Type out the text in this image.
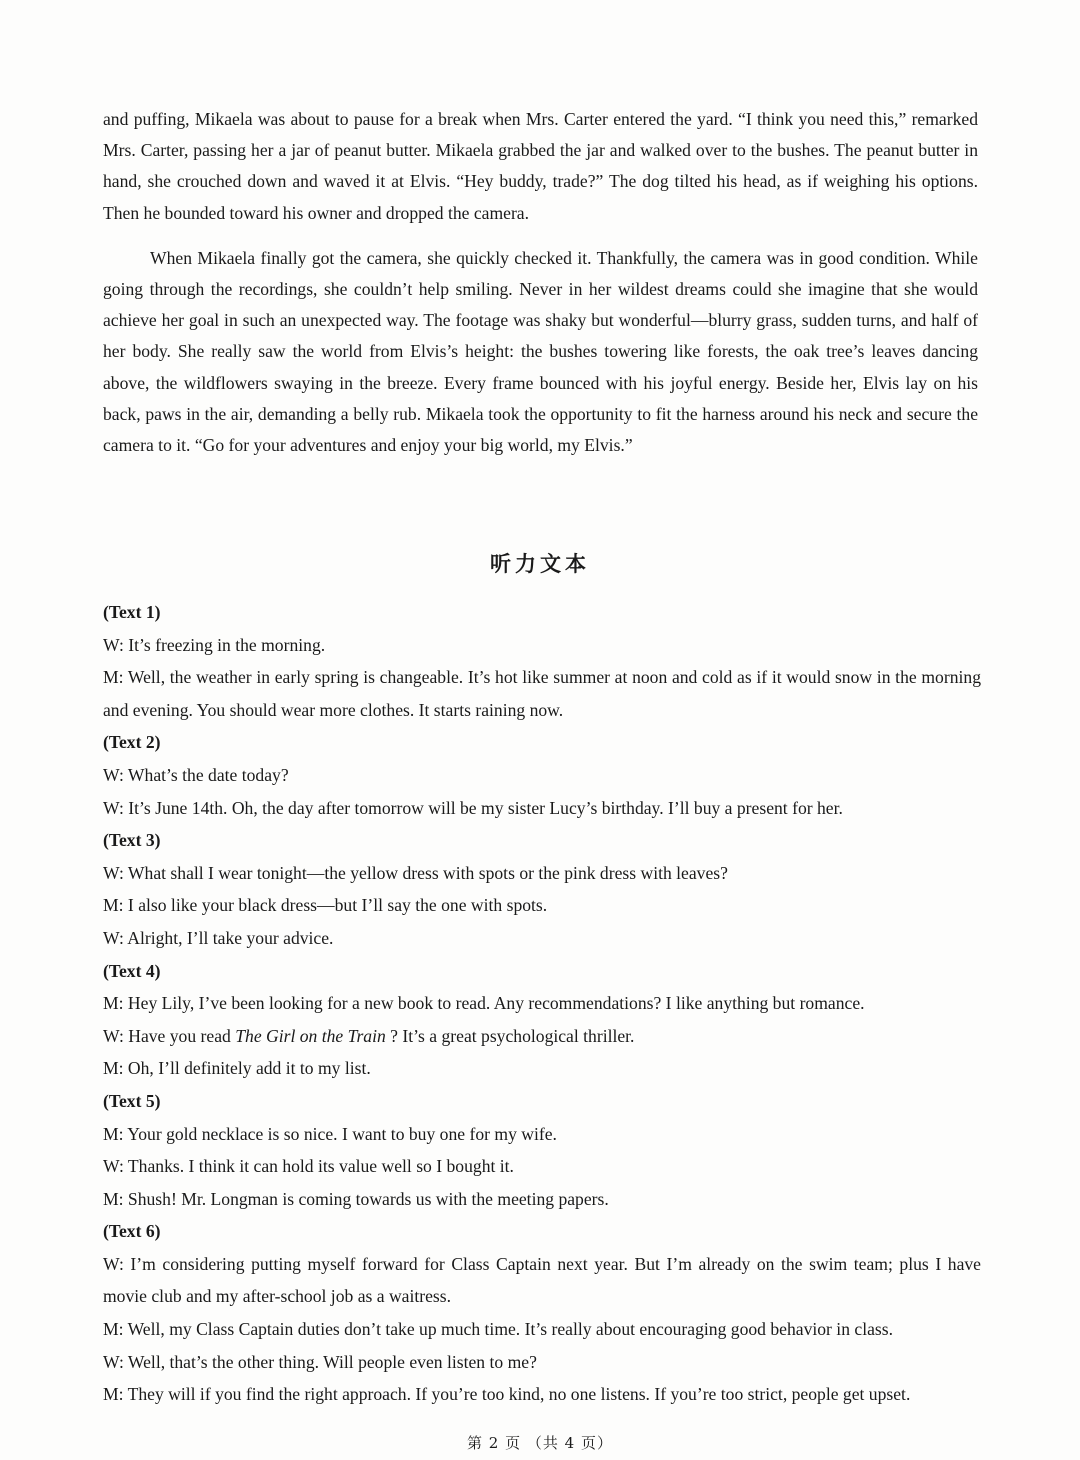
and puffing, Mikaela was about to pause for a break when Mrs. Carter entered the yard. “I think you need this,” remarked Mrs. Carter, passing her a jar of peanut butter. Mikaela grabbed the jar and walked over to the bushes. The peanut butter in hand, she crouched down and waved it at Elvis. “Hey buddy, trade?” The dog tilted his head, as if weighing his options. Then he bounded toward his owner and dropped the camera.

When Mikaela finally got the camera, she quickly checked it. Thankfully, the camera was in good condition. While going through the recordings, she couldn’t help smiling. Never in her wildest dreams could she imagine that she would achieve her goal in such an unexpected way. The footage was shaky but wonderful—blurry grass, sudden turns, and half of her body. She really saw the world from Elvis’s height: the bushes towering like forests, the oak tree’s leaves dancing above, the wildflowers swaying in the breeze. Every frame bounced with his joyful energy. Beside her, Elvis lay on his back, paws in the air, demanding a belly rub. Mikaela took the opportunity to fit the harness around his neck and secure the camera to it. “Go for your adventures and enjoy your big world, my Elvis.”

听力文本

(Text 1)

W: It’s freezing in the morning.

M: Well, the weather in early spring is changeable. It’s hot like summer at noon and cold as if it would snow in the morning and evening. You should wear more clothes. It starts raining now.

(Text 2)

W: What’s the date today?

W: It’s June 14th. Oh, the day after tomorrow will be my sister Lucy’s birthday. I’ll buy a present for her.

(Text 3)

W: What shall I wear tonight—the yellow dress with spots or the pink dress with leaves?

M: I also like your black dress—but I’ll say the one with spots.

W: Alright, I’ll take your advice.

(Text 4)

M: Hey Lily, I’ve been looking for a new book to read. Any recommendations? I like anything but romance.

W: Have you read The Girl on the Train ? It’s a great psychological thriller.

M: Oh, I’ll definitely add it to my list.

(Text 5)

M: Your gold necklace is so nice. I want to buy one for my wife.

W: Thanks. I think it can hold its value well so I bought it.

M: Shush! Mr. Longman is coming towards us with the meeting papers.

(Text 6)

W: I’m considering putting myself forward for Class Captain next year. But I’m already on the swim team; plus I have movie club and my after-school job as a waitress.

M: Well, my Class Captain duties don’t take up much time. It’s really about encouraging good behavior in class.

W: Well, that’s the other thing. Will people even listen to me?

M: They will if you find the right approach. If you’re too kind, no one listens. If you’re too strict, people get upset.

第 2 页 （共 4 页）
